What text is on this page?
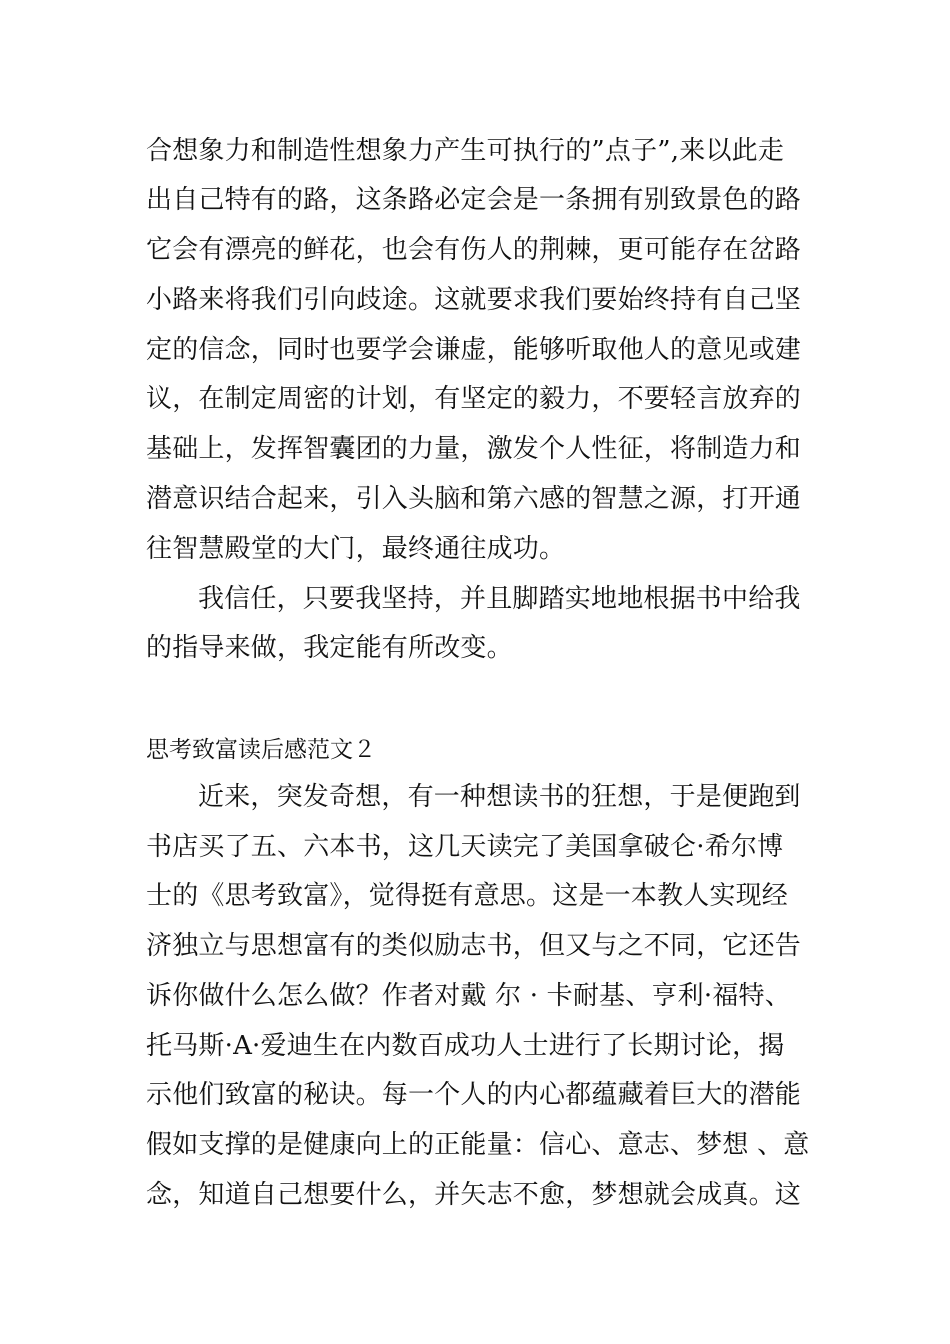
合想象力和制造性想象力产生可执行的”点子”,来以此走
出自己特有的路，这条路必定会是一条拥有别致景色的路
它会有漂亮的鲜花，也会有伤人的荆棘，更可能存在岔路
小路来将我们引向歧途。这就要求我们要始终持有自己坚
定的信念，同时也要学会谦虚，能够听取他人的意见或建
议，在制定周密的计划，有坚定的毅力，不要轻言放弃的
基础上，发挥智囊团的力量，激发个人性征，将制造力和
潜意识结合起来，引入头脑和第六感的智慧之源，打开通
往智慧殿堂的大门，最终通往成功。
我信任，只要我坚持，并且脚踏实地地根据书中给我
的指导来做，我定能有所改变。
思考致富读后感范文２
近来，突发奇想，有一种想读书的狂想，于是便跑到
书店买了五、六本书，这几天读完了美国拿破仑·希尔博
士的《思考致富》，觉得挺有意思。这是一本教人实现经
济独立与思想富有的类似励志书，但又与之不同，它还告
诉你做什么怎么做？作者对戴 尔 · 卡耐基、亨利·福特、
托马斯·A·爱迪生在内数百成功人士进行了长期讨论，揭
示他们致富的秘诀。每一个人的内心都蕴藏着巨大的潜能
假如支撑的是健康向上的正能量：信心、意志、梦想 、意
念，知道自己想要什么，并矢志不愈，梦想就会成真。这
